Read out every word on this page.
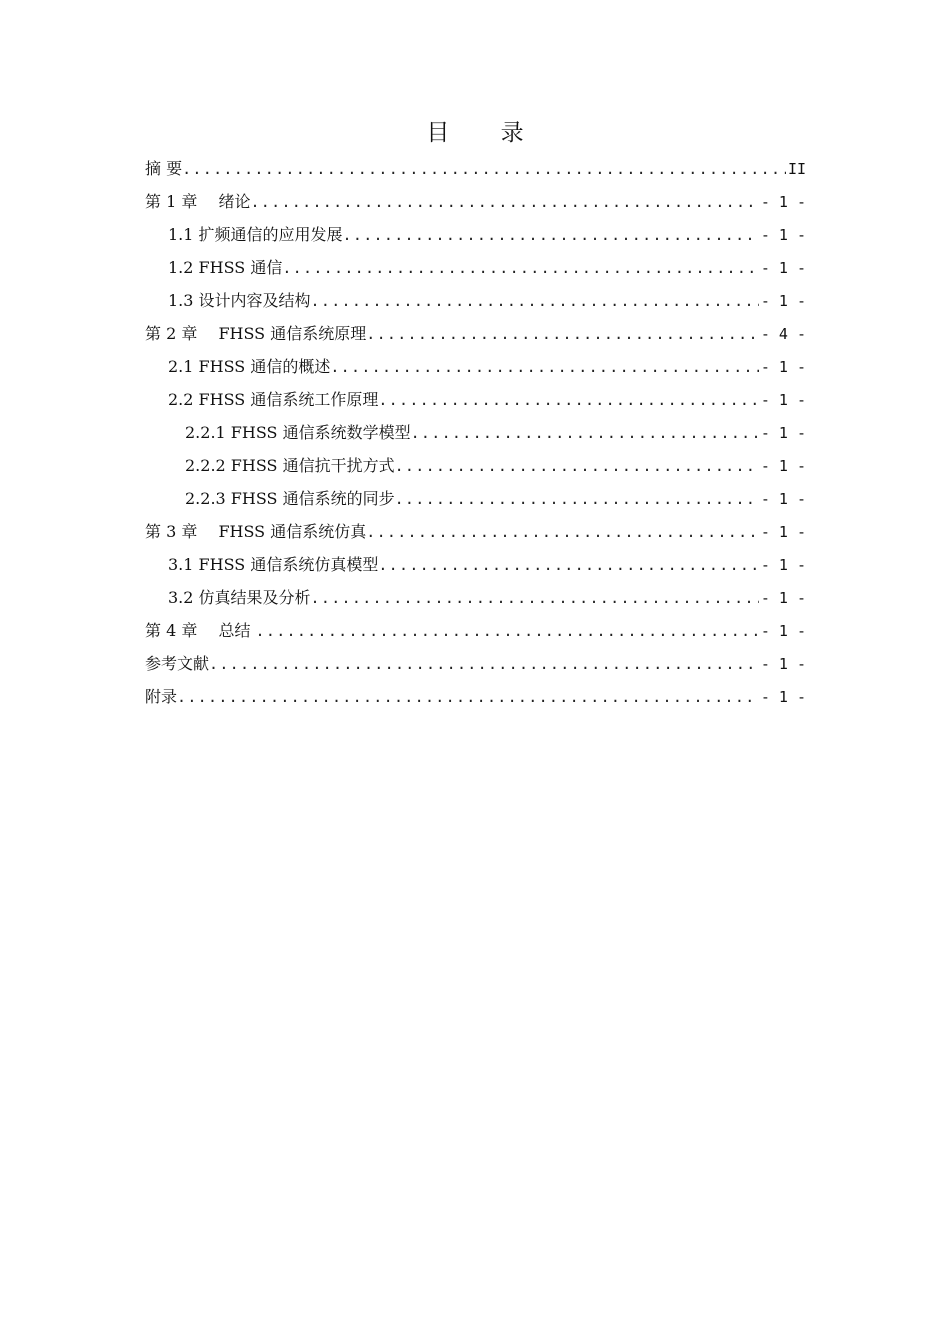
目 录
摘 要 .....	II
第 1 章　 绪论 .....	- 1 -
1.1 扩频通信的应用发展 .....	- 1 -
1.2 FHSS 通信 .....	- 1 -
1.3 设计内容及结构 .....	- 1 -
第 2 章　 FHSS 通信系统原理 .....	- 4 -
2.1 FHSS 通信的概述 .....	- 1 -
2.2 FHSS 通信系统工作原理 .....	- 1 -
2.2.1 FHSS 通信系统数学模型 .....	- 1 -
2.2.2 FHSS 通信抗干扰方式 .....	- 1 -
2.2.3 FHSS 通信系统的同步 .....	- 1 -
第 3 章　 FHSS 通信系统仿真 .....	- 1 -
3.1 FHSS 通信系统仿真模型 .....	- 1 -
3.2 仿真结果及分析 .....	- 1 -
第 4 章　 总结 .....	- 1 -
参考文献 .....	- 1 -
附录 .....	- 1 -
